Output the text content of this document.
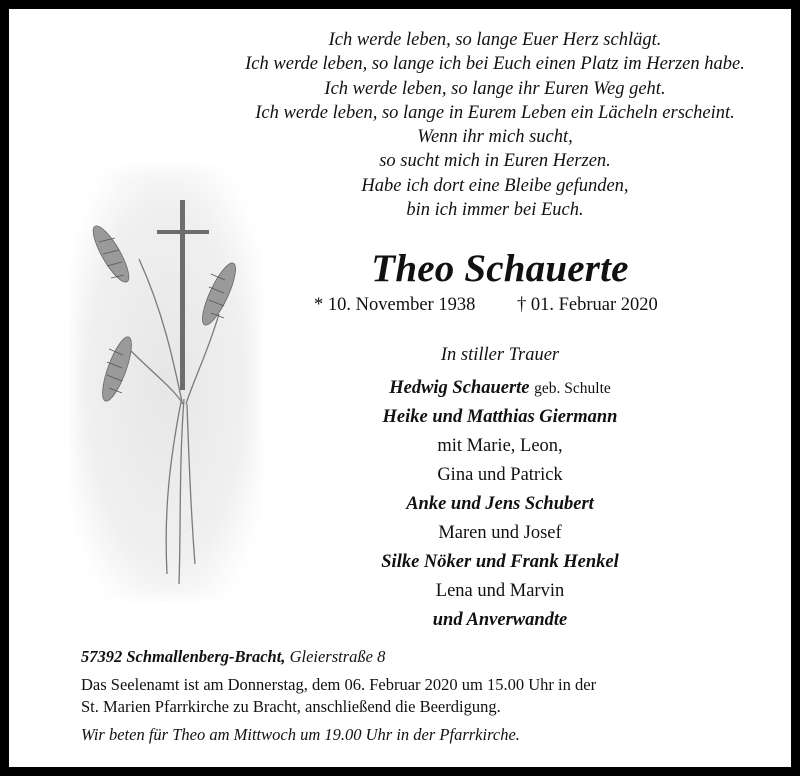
Ich werde leben, so lange Euer Herz schlägt.
Ich werde leben, so lange ich bei Euch einen Platz im Herzen habe.
Ich werde leben, so lange ihr Euren Weg geht.
Ich werde leben, so lange in Eurem Leben ein Lächeln erscheint.
Wenn ihr mich sucht,
so sucht mich in Euren Herzen.
Habe ich dort eine Bleibe gefunden,
bin ich immer bei Euch.
Theo Schauerte
* 10. November 1938 † 01. Februar 2020
In stiller Trauer
Hedwig Schauerte geb. Schulte
Heike und Matthias Giermann
mit Marie, Leon,
Gina und Patrick
Anke und Jens Schubert
Maren und Josef
Silke Nöker und Frank Henkel
Lena und Marvin
und Anverwandte
57392 Schmallenberg-Bracht, Gleierstraße 8
Das Seelenamt ist am Donnerstag, dem 06. Februar 2020 um 15.00 Uhr in der
St. Marien Pfarrkirche zu Bracht, anschließend die Beerdigung.
Wir beten für Theo am Mittwoch um 19.00 Uhr in der Pfarrkirche.
